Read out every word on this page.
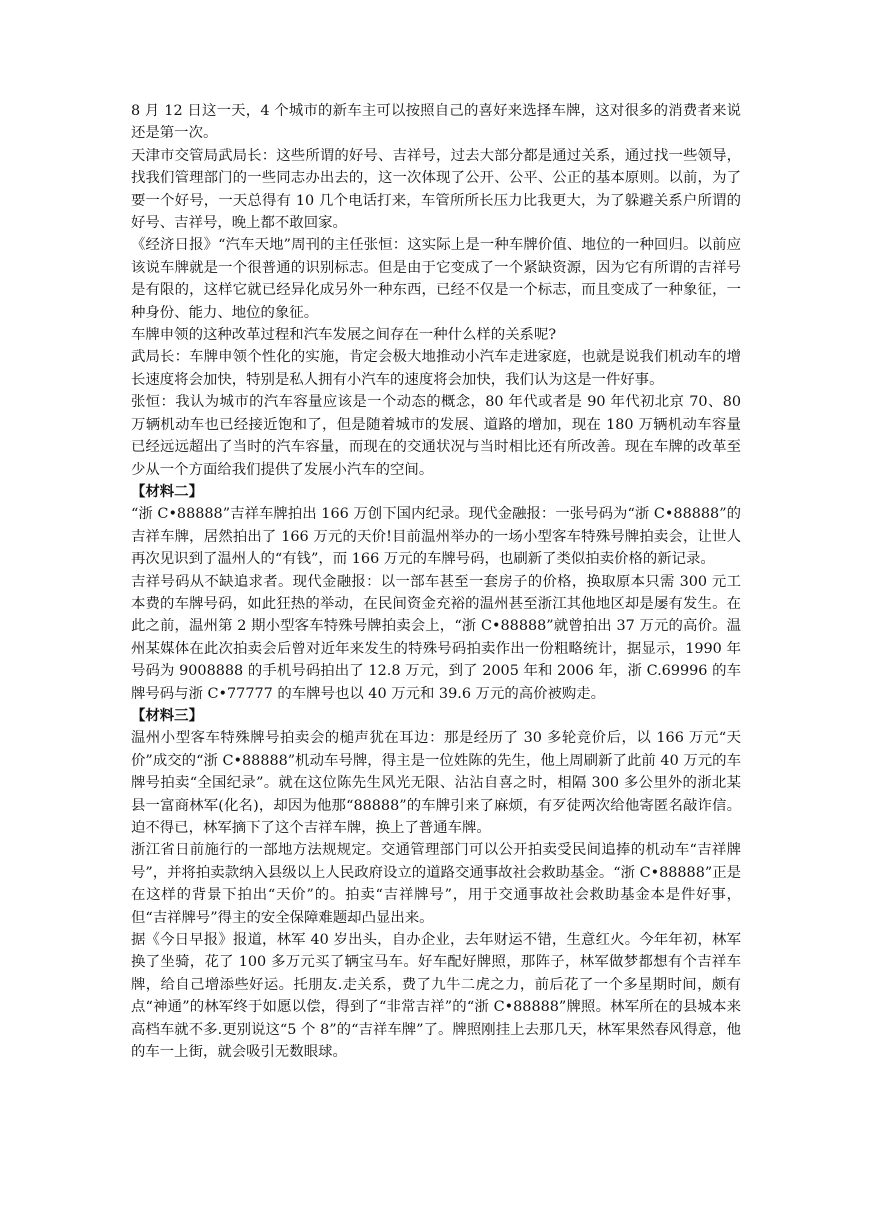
8 月 12 日这一天，4 个城市的新车主可以按照自己的喜好来选择车牌，这对很多的消费者来说还是第一次。

天津市交管局武局长：这些所谓的好号、吉祥号，过去大部分都是通过关系，通过找一些领导，找我们管理部门的一些同志办出去的，这一次体现了公开、公平、公正的基本原则。以前，为了要一个好号，一天总得有 10 几个电话打来，车管所所长压力比我更大，为了躲避关系户所谓的好号、吉祥号，晚上都不敢回家。

《经济日报》“汽车天地”周刊的主任张恒：这实际上是一种车牌价值、地位的一种回归。以前应该说车牌就是一个很普通的识别标志。但是由于它变成了一个紧缺资源，因为它有所谓的吉祥号是有限的，这样它就已经异化成另外一种东西，已经不仅是一个标志，而且变成了一种象征，一种身份、能力、地位的象征。

车牌申领的这种改革过程和汽车发展之间存在一种什么样的关系呢?

武局长：车牌申领个性化的实施，肯定会极大地推动小汽车走进家庭，也就是说我们机动车的增长速度将会加快，特别是私人拥有小汽车的速度将会加快，我们认为这是一件好事。

张恒：我认为城市的汽车容量应该是一个动态的概念，80 年代或者是 90 年代初北京 70、80 万辆机动车也已经接近饱和了，但是随着城市的发展、道路的增加，现在 180 万辆机动车容量已经远远超出了当时的汽车容量，而现在的交通状况与当时相比还有所改善。现在车牌的改革至少从一个方面给我们提供了发展小汽车的空间。

【材料二】

“浙 C•88888”吉祥车牌拍出 166 万创下国内纪录。现代金融报：一张号码为“浙 C•88888”的吉祥车牌，居然拍出了 166 万元的天价!目前温州举办的一场小型客车特殊号牌拍卖会，让世人再次见识到了温州人的“有钱”，而 166 万元的车牌号码，也刷新了类似拍卖价格的新记录。

吉祥号码从不缺追求者。现代金融报：以一部车甚至一套房子的价格，换取原本只需 300 元工本费的车牌号码，如此狂热的举动，在民间资金充裕的温州甚至浙江其他地区却是屡有发生。在此之前，温州第 2 期小型客车特殊号牌拍卖会上，“浙 C•88888”就曾拍出 37 万元的高价。温州某媒体在此次拍卖会后曾对近年来发生的特殊号码拍卖作出一份粗略统计，据显示，1990 年号码为 9008888 的手机号码拍出了 12.8 万元，到了 2005 年和 2006 年，浙 C.69996 的车牌号码与浙 C•77777 的车牌号也以 40 万元和 39.6 万元的高价被购走。

【材料三】

温州小型客车特殊牌号拍卖会的槌声犹在耳边：那是经历了 30 多轮竞价后，以 166 万元“天价”成交的“浙 C•88888”机动车号牌，得主是一位姓陈的先生，他上周刷新了此前 40 万元的车牌号拍卖“全国纪录”。就在这位陈先生风光无限、沾沾自喜之时，相隔 300 多公里外的浙北某县一富商林军(化名)，却因为他那“88888”的车牌引来了麻烦，有歹徒两次给他寄匿名敲诈信。迫不得已，林军摘下了这个吉祥车牌，换上了普通车牌。

浙江省日前施行的一部地方法规规定。交通管理部门可以公开拍卖受民间追捧的机动车“吉祥牌号”，并将拍卖款纳入县级以上人民政府设立的道路交通事故社会救助基金。“浙 C•88888”正是在这样的背景下拍出“天价”的。拍卖“吉祥牌号”，用于交通事故社会救助基金本是件好事，但“吉祥牌号”得主的安全保障难题却凸显出来。

据《今日早报》报道，林军 40 岁出头，自办企业，去年财运不错，生意红火。今年年初，林军换了坐骑，花了 100 多万元买了辆宝马车。好车配好牌照，那阵子，林军做梦都想有个吉祥车牌，给自己增添些好运。托朋友.走关系，费了九牛二虎之力，前后花了一个多星期时间，颇有点“神通”的林军终于如愿以偿，得到了“非常吉祥”的“浙 C•88888”牌照。林军所在的县城本来高档车就不多.更别说这“5 个 8”的“吉祥车牌”了。牌照刚挂上去那几天，林军果然春风得意，他的车一上街，就会吸引无数眼球。
